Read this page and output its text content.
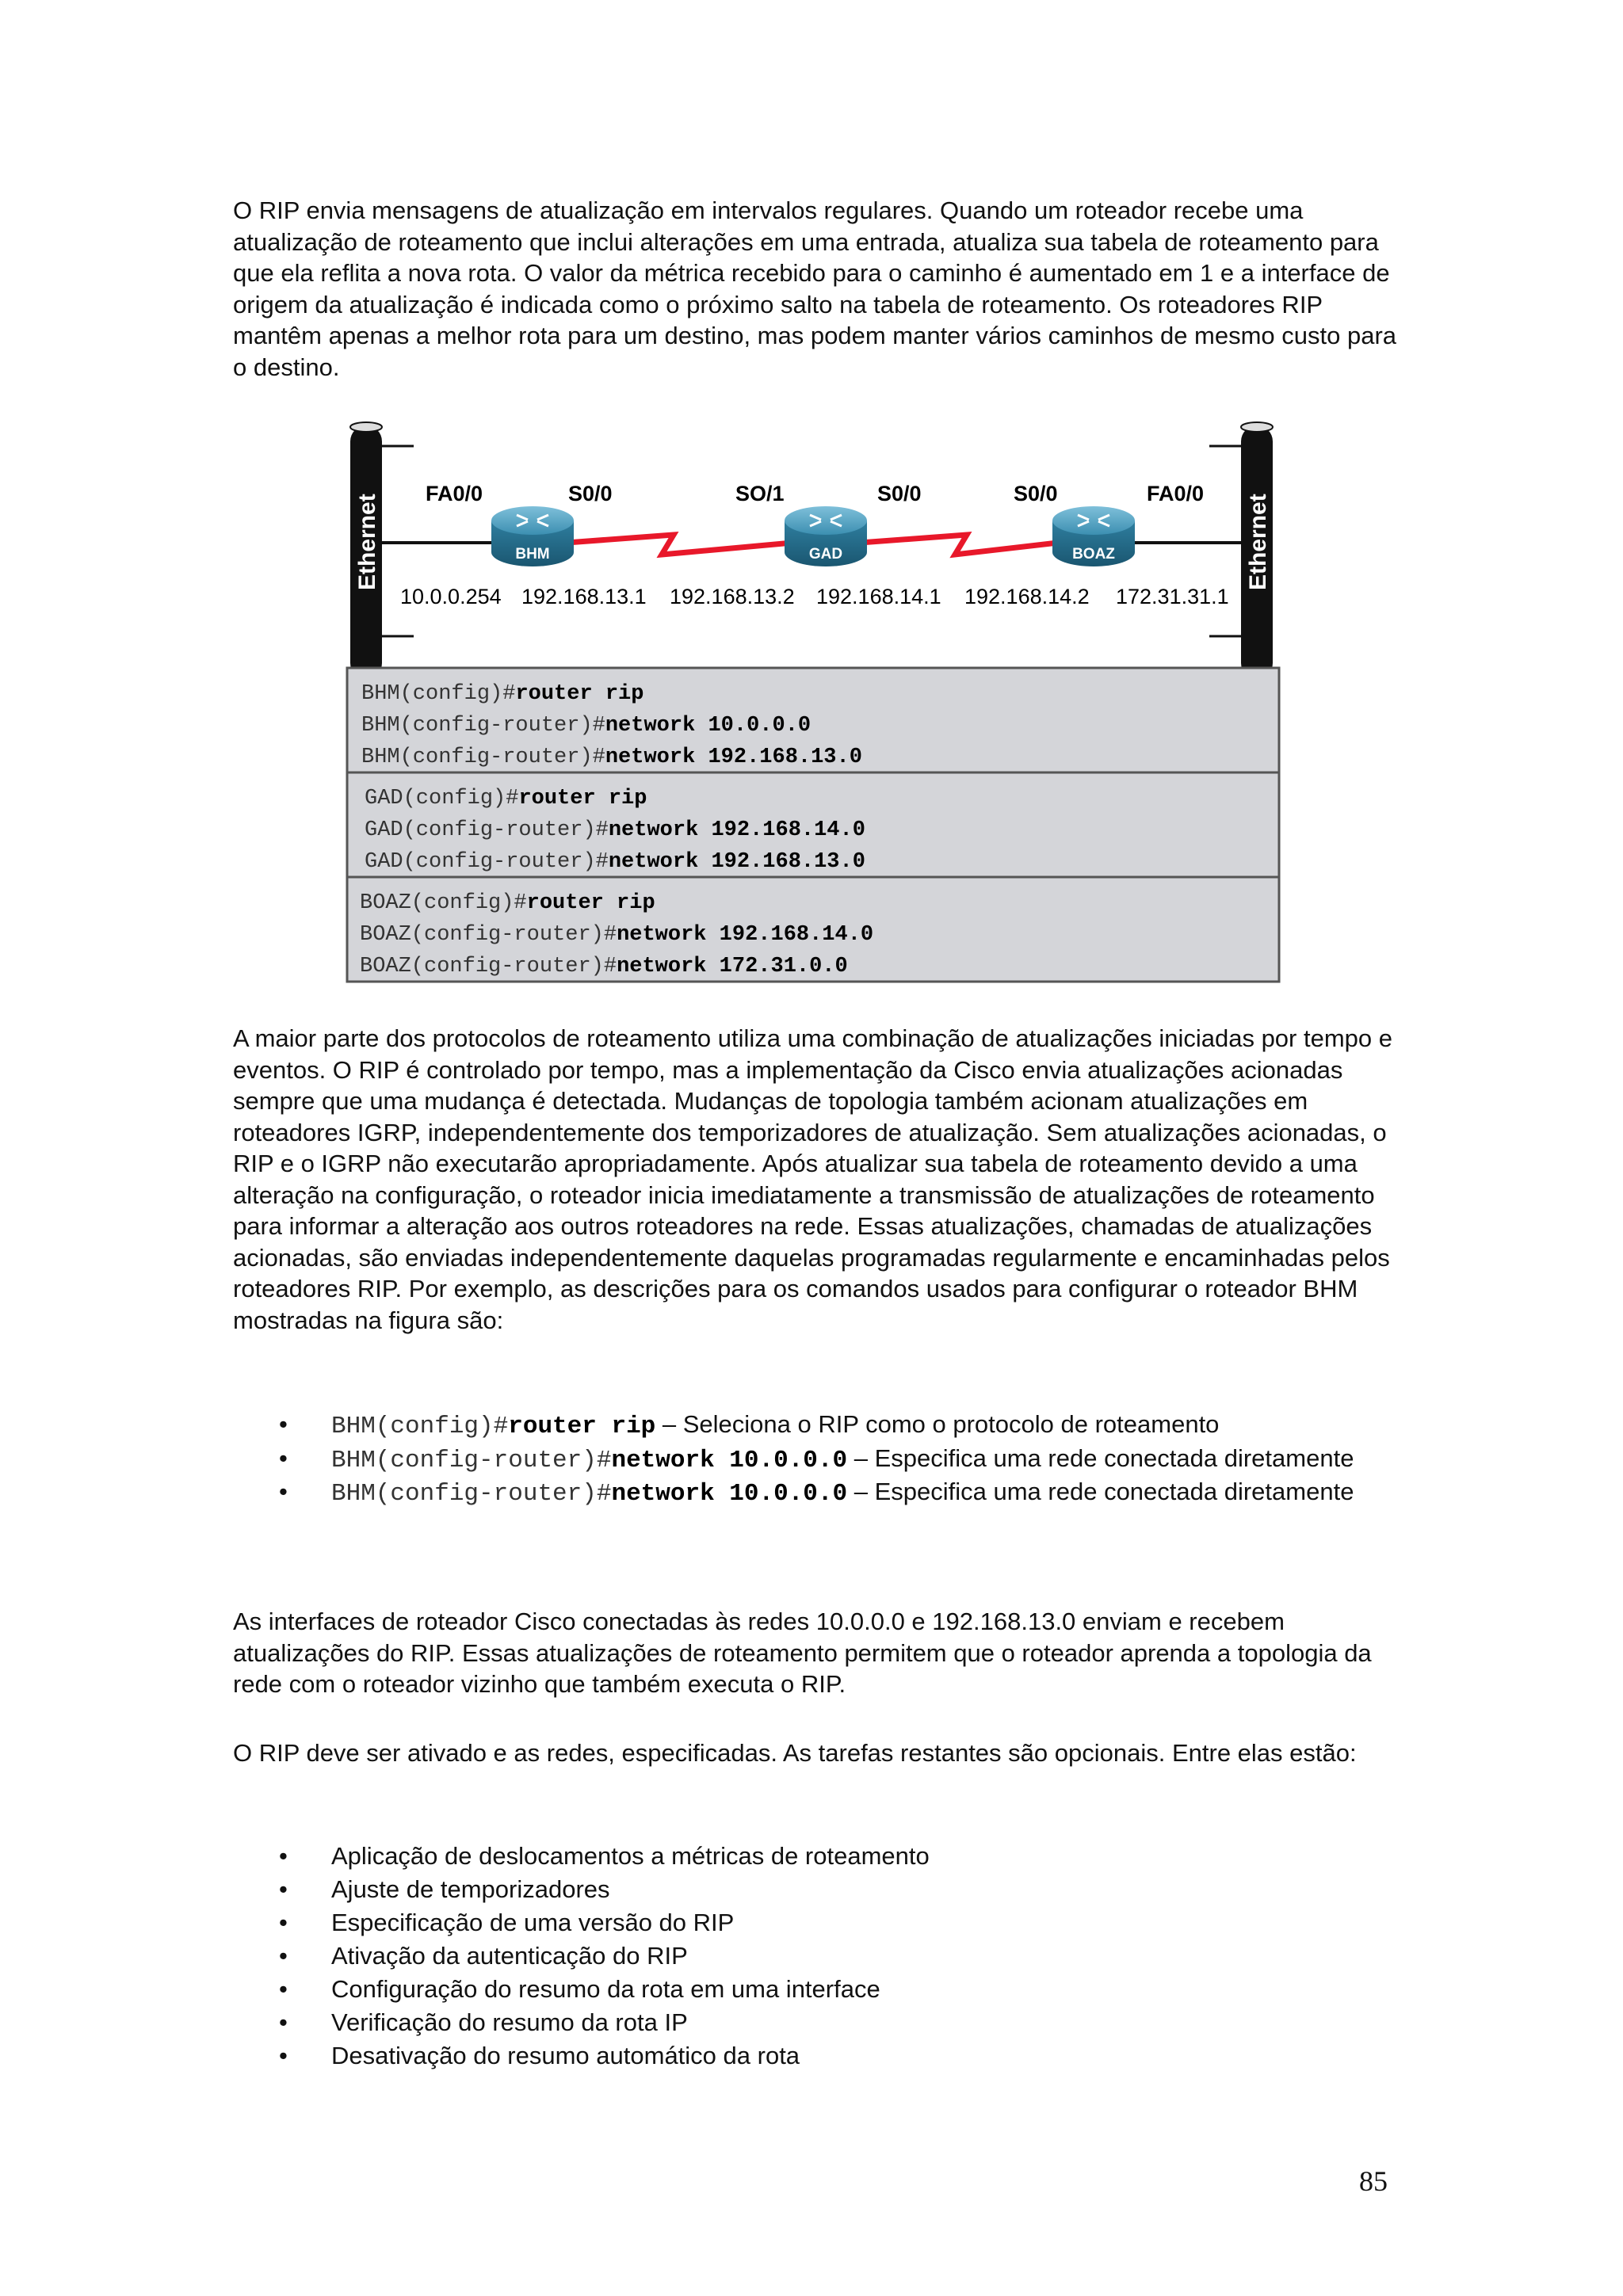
O RIP envia mensagens de atualização em intervalos regulares. Quando um roteador recebe uma atualização de roteamento que inclui alterações em uma entrada, atualiza sua tabela de roteamento para que ela reflita a nova rota. O valor da métrica recebido para o caminho é aumentado em 1 e a interface de origem da atualização é indicada como o próximo salto na tabela de roteamento. Os roteadores RIP mantêm apenas a melhor rota para um destino, mas podem manter vários caminhos de mesmo custo para o destino.

Ethernet	Ethernet
BHM	GAD	BOAZ
FA0/0	S0/0	SO/1	S0/0	S0/0	FA0/0
10.0.0.254 192.168.13.1 192.168.13.2 192.168.14.1 192.168.14.2 172.31.31.1
BHM(config)#router rip
BHM(config-router)#network 10.0.0.0
BHM(config-router)#network 192.168.13.0
GAD(config)#router rip
GAD(config-router)#network 192.168.14.0
GAD(config-router)#network 192.168.13.0
BOAZ(config)#router rip
BOAZ(config-router)#network 192.168.14.0
BOAZ(config-router)#network 172.31.0.0

A maior parte dos protocolos de roteamento utiliza uma combinação de atualizações iniciadas por tempo e eventos. O RIP é controlado por tempo, mas a implementação da Cisco envia atualizações acionadas sempre que uma mudança é detectada. Mudanças de topologia também acionam atualizações em roteadores IGRP, independentemente dos temporizadores de atualização. Sem atualizações acionadas, o RIP e o IGRP não executarão apropriadamente. Após atualizar sua tabela de roteamento devido a uma alteração na configuração, o roteador inicia imediatamente a transmissão de atualizações de roteamento para informar a alteração aos outros roteadores na rede. Essas atualizações, chamadas de atualizações acionadas, são enviadas independentemente daquelas programadas regularmente e encaminhadas pelos roteadores RIP. Por exemplo, as descrições para os comandos usados para configurar o roteador BHM mostradas na figura são:

• BHM(config)#router rip – Seleciona o RIP como o protocolo de roteamento
• BHM(config-router)#network 10.0.0.0 – Especifica uma rede conectada diretamente
• BHM(config-router)#network 10.0.0.0 – Especifica uma rede conectada diretamente

As interfaces de roteador Cisco conectadas às redes 10.0.0.0 e 192.168.13.0 enviam e recebem atualizações do RIP. Essas atualizações de roteamento permitem que o roteador aprenda a topologia da rede com o roteador vizinho que também executa o RIP.

O RIP deve ser ativado e as redes, especificadas. As tarefas restantes são opcionais. Entre elas estão:

• Aplicação de deslocamentos a métricas de roteamento
• Ajuste de temporizadores
• Especificação de uma versão do RIP
• Ativação da autenticação do RIP
• Configuração do resumo da rota em uma interface
• Verificação do resumo da rota IP
• Desativação do resumo automático da rota
85
